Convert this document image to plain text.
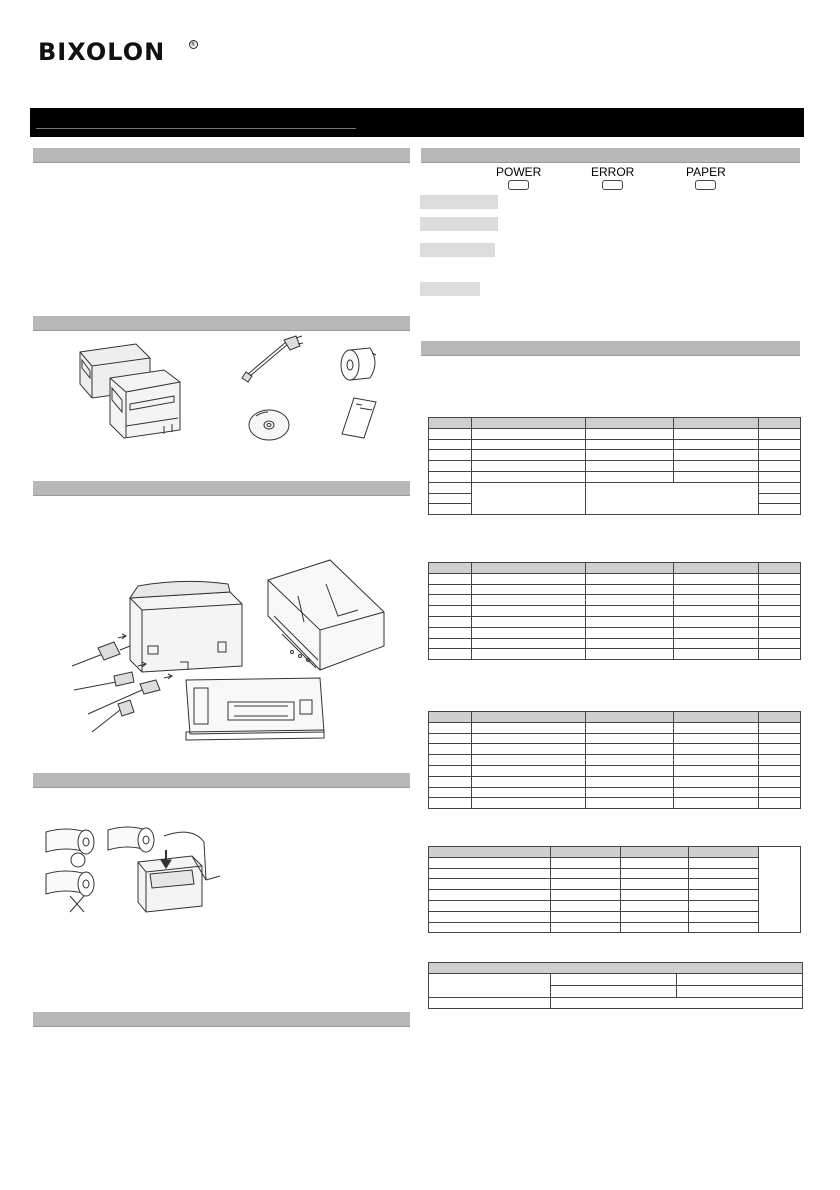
BIXOLON	®
POWER	ERROR	PAPER
